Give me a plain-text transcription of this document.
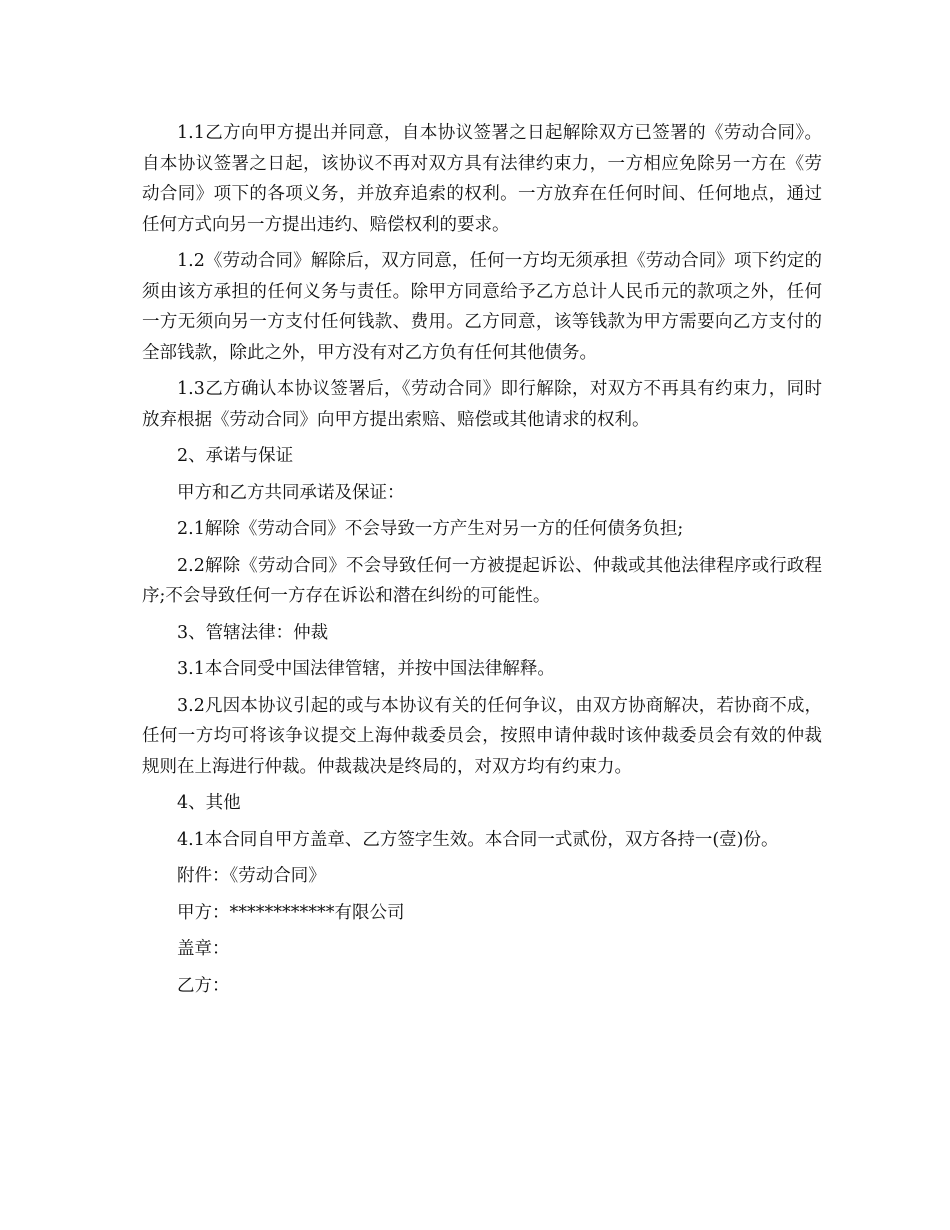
1.1乙方向甲方提出并同意，自本协议签署之日起解除双方已签署的《劳动合同》。自本协议签署之日起，该协议不再对双方具有法律约束力，一方相应免除另一方在《劳动合同》项下的各项义务，并放弃追索的权利。一方放弃在任何时间、任何地点，通过任何方式向另一方提出违约、赔偿权利的要求。

1.2《劳动合同》解除后，双方同意，任何一方均无须承担《劳动合同》项下约定的须由该方承担的任何义务与责任。除甲方同意给予乙方总计人民币元的款项之外，任何一方无须向另一方支付任何钱款、费用。乙方同意，该等钱款为甲方需要向乙方支付的全部钱款，除此之外，甲方没有对乙方负有任何其他债务。

1.3乙方确认本协议签署后，《劳动合同》即行解除，对双方不再具有约束力，同时放弃根据《劳动合同》向甲方提出索赔、赔偿或其他请求的权利。

2、承诺与保证

甲方和乙方共同承诺及保证：

2.1解除《劳动合同》不会导致一方产生对另一方的任何债务负担;

2.2解除《劳动合同》不会导致任何一方被提起诉讼、仲裁或其他法律程序或行政程序;不会导致任何一方存在诉讼和潜在纠纷的可能性。

3、管辖法律：仲裁

3.1本合同受中国法律管辖，并按中国法律解释。

3.2凡因本协议引起的或与本协议有关的任何争议，由双方协商解决，若协商不成，任何一方均可将该争议提交上海仲裁委员会，按照申请仲裁时该仲裁委员会有效的仲裁规则在上海进行仲裁。仲裁裁决是终局的，对双方均有约束力。

4、其他

4.1本合同自甲方盖章、乙方签字生效。本合同一式贰份，双方各持一(壹)份。

附件：《劳动合同》

甲方：************有限公司

盖章：

乙方：
